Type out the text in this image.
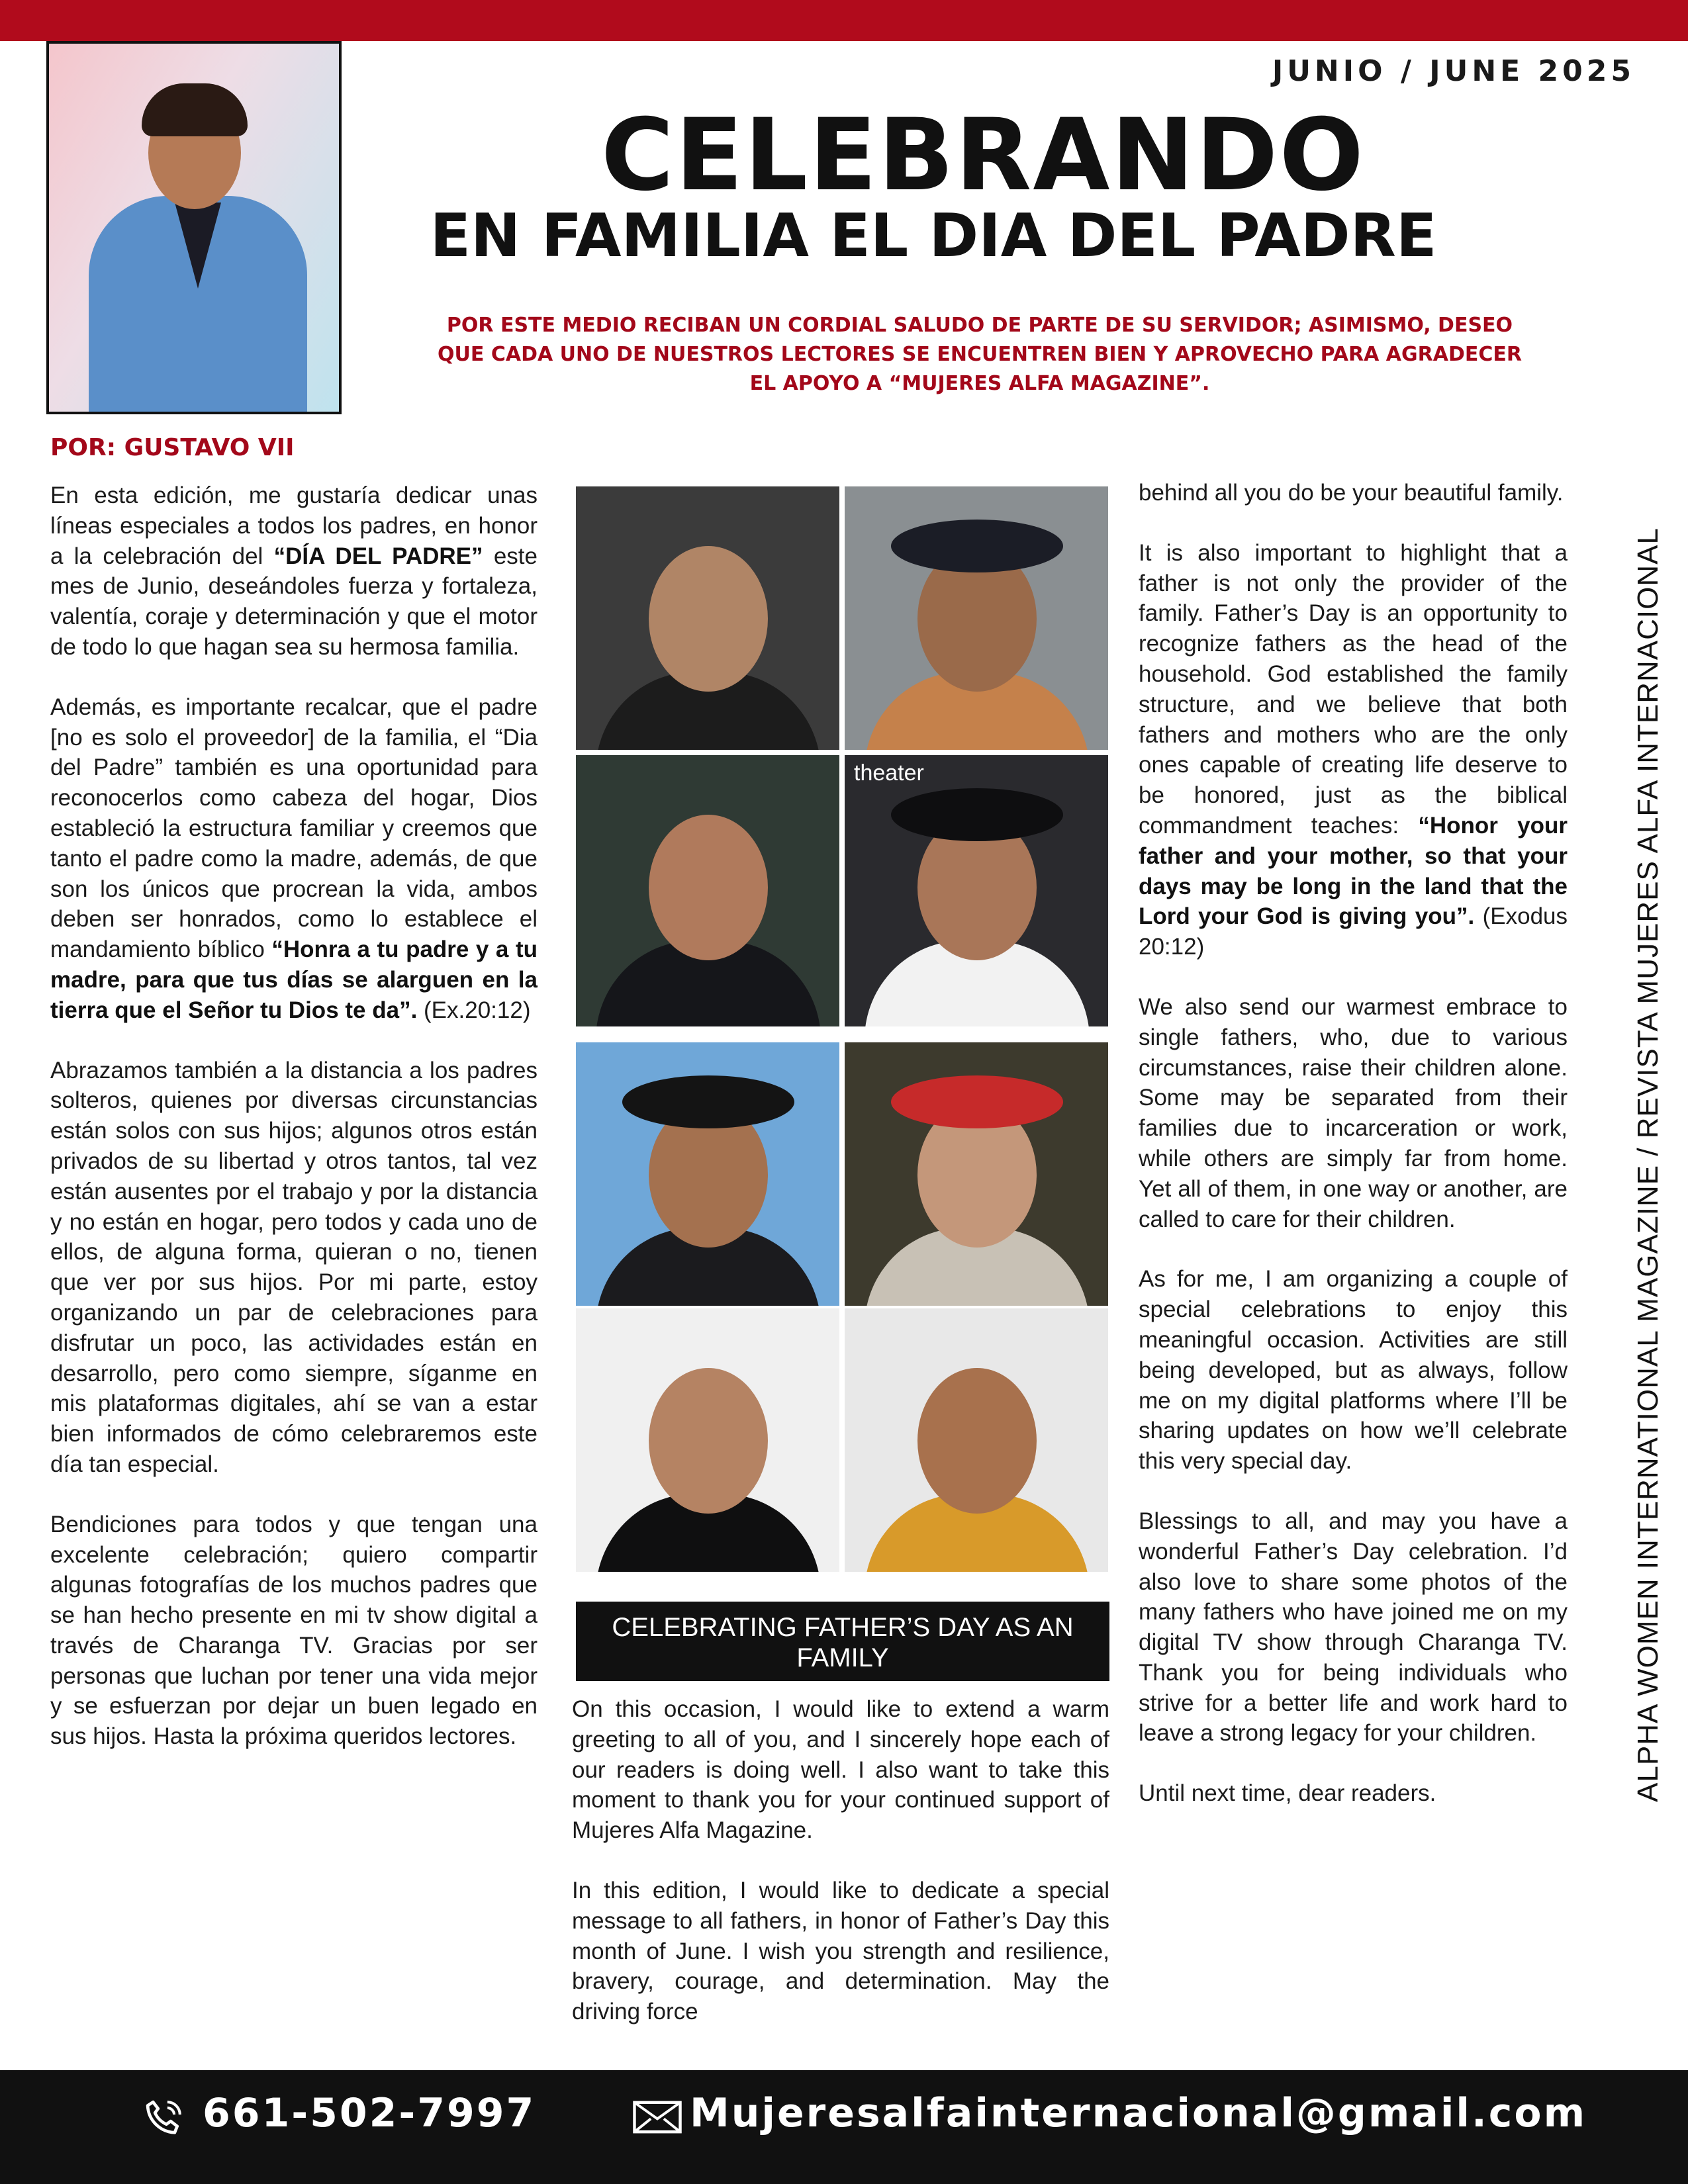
JUNIO / JUNE 2025
CELEBRANDO
EN FAMILIA EL DIA DEL PADRE
POR ESTE MEDIO RECIBAN UN CORDIAL SALUDO DE PARTE DE SU SERVIDOR; ASIMISMO, DESEO QUE CADA UNO DE NUESTROS LECTORES SE ENCUENTREN BIEN Y APROVECHO PARA AGRADECER EL APOYO A “MUJERES ALFA MAGAZINE”.
POR: GUSTAVO VII

En esta edición, me gustaría dedicar unas líneas especiales a todos los padres, en honor a la celebración del “DÍA DEL PADRE” este mes de Junio, deseándoles fuerza y fortaleza, valentía, coraje y determinación y que el motor de todo lo que hagan sea su hermosa familia.

Además, es importante recalcar, que el padre [no es solo el proveedor] de la familia, el “Dia del Padre” también es una oportunidad para reconocerlos como cabeza del hogar, Dios estableció la estructura familiar y creemos que tanto el padre como la madre, además, de que son los únicos que procrean la vida, ambos deben ser honrados, como lo establece el mandamiento bíblico “Honra a tu padre y a tu madre, para que tus días se alarguen en la tierra que el Señor tu Dios te da”. (Ex.20:12)

Abrazamos también a la distancia a los padres solteros, quienes por diversas circunstancias están solos con sus hijos; algunos otros están privados de su libertad y otros tantos, tal vez están ausentes por el trabajo y por la distancia y no están en hogar, pero todos y cada uno de ellos, de alguna forma, quieran o no, tienen que ver por sus hijos. Por mi parte, estoy organizando un par de celebraciones para disfrutar un poco, las actividades están en desarrollo, pero como siempre, síganme en mis plataformas digitales, ahí se van a estar bien informados de cómo celebraremos este día tan especial.

Bendiciones para todos y que tengan una excelente celebración; quiero compartir algunas fotografías de los muchos padres que se han hecho presente en mi tv show digital a través de Charanga TV. Gracias por ser personas que luchan por tener una vida mejor y se esfuerzan por dejar un buen legado en sus hijos. Hasta la próxima queridos lectores.

theater
CELEBRATING FATHER’S DAY AS AN FAMILY

On this occasion, I would like to extend a warm greeting to all of you, and I sincerely hope each of our readers is doing well. I also want to take this moment to thank you for your continued support of Mujeres Alfa Magazine.

In this edition, I would like to dedicate a special message to all fathers, in honor of Father’s Day this month of June. I wish you strength and resilience, bravery, courage, and determination. May the driving force

behind all you do be your beautiful family.

It is also important to highlight that a father is not only the provider of the family. Father’s Day is an opportunity to recognize fathers as the head of the household. God established the family structure, and we believe that both fathers and mothers who are the only ones capable of creating life deserve to be honored, just as the biblical commandment teaches: “Honor your father and your mother, so that your days may be long in the land that the Lord your God is giving you”. (Exodus 20:12)

We also send our warmest embrace to single fathers, who, due to various circumstances, raise their children alone. Some may be separated from their families due to incarceration or work, while others are simply far from home. Yet all of them, in one way or another, are called to care for their children.

As for me, I am organizing a couple of special celebrations to enjoy this meaningful occasion. Activities are still being developed, but as always, follow me on my digital platforms where I’ll be sharing updates on how we’ll celebrate this very special day.

Blessings to all, and may you have a wonderful Father’s Day celebration. I’d also love to share some photos of the many fathers who have joined me on my digital TV show through Charanga TV. Thank you for being individuals who strive for a better life and work hard to leave a strong legacy for your children.

Until next time, dear readers.	ALPHA WOMEN INTERNATIONAL MAGAZINE / REVISTA MUJERES ALFA INTERNACIONAL
661-502-7997	Mujeresalfainternacional@gmail.com
